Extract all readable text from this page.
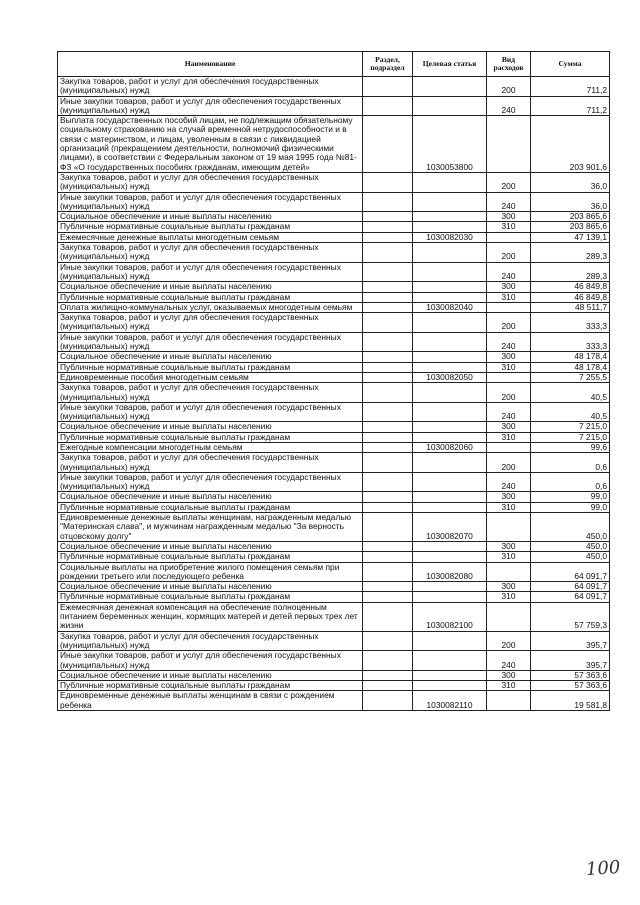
Наименование	Раздел, подраздел	Целевая статья	Вид расходов	Сумма
Закупка товаров, работ и услуг для обеспечения государственных (муниципальных) нужд			200	711,2
Иные закупки товаров, работ и услуг для обеспечения государственных (муниципальных) нужд			240	711,2
Выплата государственных пособий лицам, не подлежащим обязательному социальному страхованию на случай временной нетрудоспособности и в связи с материнством, и лицам, уволенным в связи с ликвидацией организаций (прекращением деятельности, полномочий физическими лицами), в соответствии с Федеральным законом от 19 мая 1995 года №81-ФЗ «О государственных пособиях гражданам, имеющим детей»		1030053800		203 901,6
Закупка товаров, работ и услуг для обеспечения государственных (муниципальных) нужд			200	36,0
Иные закупки товаров, работ и услуг для обеспечения государственных (муниципальных) нужд			240	36,0
Социальное обеспечение и иные выплаты населению			300	203 865,6
Публичные нормативные социальные выплаты гражданам			310	203 865,6
Ежемесячные денежные выплаты многодетным семьям		1030082030		47 139,1
Закупка товаров, работ и услуг для обеспечения государственных (муниципальных) нужд			200	289,3
Иные закупки товаров, работ и услуг для обеспечения государственных (муниципальных) нужд			240	289,3
Социальное обеспечение и иные выплаты населению			300	46 849,8
Публичные нормативные социальные выплаты гражданам			310	46 849,8
Оплата жилищно-коммунальных услуг, оказываемых многодетным семьям		1030082040		48 511,7
Закупка товаров, работ и услуг для обеспечения государственных (муниципальных) нужд			200	333,3
Иные закупки товаров, работ и услуг для обеспечения государственных (муниципальных) нужд			240	333,3
Социальное обеспечение и иные выплаты населению			300	48 178,4
Публичные нормативные социальные выплаты гражданам			310	48 178,4
Единовременные пособия многодетным семьям		1030082050		7 255,5
Закупка товаров, работ и услуг для обеспечения государственных (муниципальных) нужд			200	40,5
Иные закупки товаров, работ и услуг для обеспечения государственных (муниципальных) нужд			240	40,5
Социальное обеспечение и иные выплаты населению			300	7 215,0
Публичные нормативные социальные выплаты гражданам			310	7 215,0
Ежегодные компенсации многодетным семьям		1030082060		99,6
Закупка товаров, работ и услуг для обеспечения государственных (муниципальных) нужд			200	0,6
Иные закупки товаров, работ и услуг для обеспечения государственных (муниципальных) нужд			240	0,6
Социальное обеспечение и иные выплаты населению			300	99,0
Публичные нормативные социальные выплаты гражданам			310	99,0
Единовременные денежные выплаты женщинам, награжденным медалью "Материнская слава", и мужчинам награжденным медалью "За верность отцовскому долгу"		1030082070		450,0
Социальное обеспечение и иные выплаты населению			300	450,0
Публичные нормативные социальные выплаты гражданам			310	450,0
Социальные выплаты на приобретение жилого помещения семьям при рождении третьего или последующего ребенка		1030082080		64 091,7
Социальное обеспечение и иные выплаты населению			300	64 091,7
Публичные нормативные социальные выплаты гражданам			310	64 091,7
Ежемесячная денежная компенсация на обеспечение полноценным питанием беременных женщин, кормящих матерей и детей первых трех лет жизни		1030082100		57 759,3
Закупка товаров, работ и услуг для обеспечения государственных (муниципальных) нужд			200	395,7
Иные закупки товаров, работ и услуг для обеспечения государственных (муниципальных) нужд			240	395,7
Социальное обеспечение и иные выплаты населению			300	57 363,6
Публичные нормативные социальные выплаты гражданам			310	57 363,6
Единовременные денежные выплаты женщинам в связи с рождением ребенка		1030082110		19 581,8
100
